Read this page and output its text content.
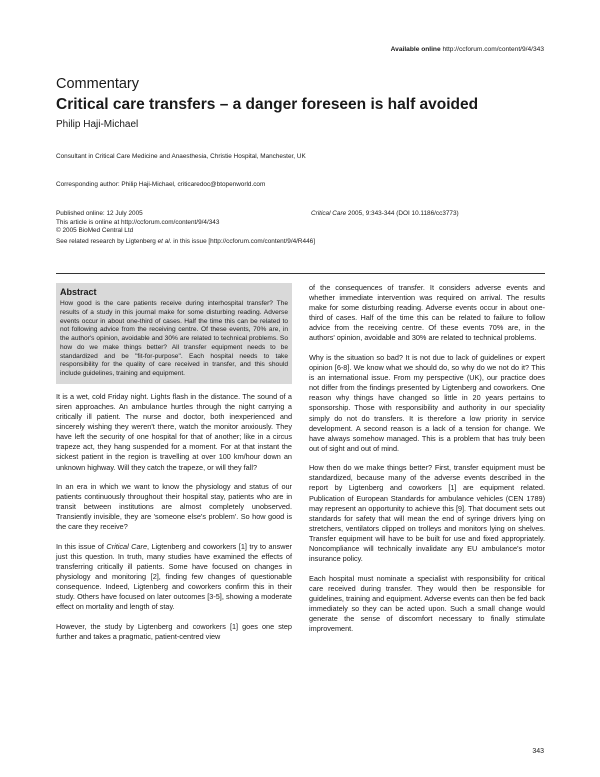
Available online http://ccforum.com/content/9/4/343
Commentary
Critical care transfers – a danger foreseen is half avoided
Philip Haji-Michael
Consultant in Critical Care Medicine and Anaesthesia, Christie Hospital, Manchester, UK
Corresponding author: Philip Haji-Michael, criticaredoc@btopenworld.com
Published online: 12 July 2005
This article is online at http://ccforum.com/content/9/4/343
© 2005 BioMed Central Ltd
Critical Care 2005, 9:343-344 (DOI 10.1186/cc3773)
See related research by Ligtenberg et al. in this issue [http://ccforum.com/content/9/4/R446]
Abstract

How good is the care patients receive during interhospital transfer? The results of a study in this journal make for some disturbing reading. Adverse events occur in about one-third of cases. Half the time this can be related to not following advice from the receiving centre. Of these events, 70% are, in the author's opinion, avoidable and 30% are related to technical problems. So how do we make things better? All transfer equipment needs to be standardized and be "fit-for-purpose". Each hospital needs to take responsibility for the quality of care received in transfer, and this should include guidelines, training and equipment.

It is a wet, cold Friday night. Lights flash in the distance. The sound of a siren approaches. An ambulance hurtles through the night carrying a critically ill patient. The nurse and doctor, both inexperienced and sincerely wishing they weren't there, watch the monitor anxiously. They have left the security of one hospital for that of another; like in a circus trapeze act, they hang suspended for a moment. For at that instant the sickest patient in the region is travelling at over 100 km/hour down an unknown highway. Will they catch the trapeze, or will they fall?

In an era in which we want to know the physiology and status of our patients continuously throughout their hospital stay, patients who are in transit between institutions are almost completely unobserved. Transiently invisible, they are 'someone else's problem'. So how good is the care they receive?

In this issue of Critical Care, Ligtenberg and coworkers [1] try to answer just this question. In truth, many studies have examined the effects of transferring critically ill patients. Some have focused on changes in physiology and monitoring [2], finding few changes of questionable consequence. Indeed, Ligtenberg and coworkers confirm this in their study. Others have focused on later outcomes [3-5], showing a moderate effect on mortality and length of stay.

However, the study by Ligtenberg and coworkers [1] goes one step further and takes a pragmatic, patient-centred view

of the consequences of transfer. It considers adverse events and whether immediate intervention was required on arrival. The results make for some disturbing reading. Adverse events occur in about one-third of cases. Half of the time this can be related to failure to follow advice from the receiving centre. Of these events 70% are, in the authors' opinion, avoidable and 30% are related to technical problems.

Why is the situation so bad? It is not due to lack of guidelines or expert opinion [6-8]. We know what we should do, so why do we not do it? This is an international issue. From my perspective (UK), our practice does not differ from the findings presented by Ligtenberg and coworkers. One reason why things have changed so little in 20 years pertains to sponsorship. Those with responsibility and authority in our speciality simply do not do transfers. It is therefore a low priority in service development. A second reason is a lack of a tension for change. We have always somehow managed. This is a problem that has truly been out of sight and out of mind.

How then do we make things better? First, transfer equipment must be standardized, because many of the adverse events described in the report by Ligtenberg and coworkers [1] are equipment related. Publication of European Standards for ambulance vehicles (CEN 1789) may represent an opportunity to achieve this [9]. That document sets out standards for safety that will mean the end of syringe drivers lying on stretchers, ventilators clipped on trolleys and monitors lying on shelves. Transfer equipment will have to be built for use and fixed appropriately. Noncompliance will technically invalidate any EU ambulance's motor insurance policy.

Each hospital must nominate a specialist with responsibility for critical care received during transfer. They would then be responsible for guidelines, training and equipment. Adverse events can then be fed back immediately so they can be acted upon. Such a small change would generate the sense of discomfort necessary to finally stimulate improvement.

343
